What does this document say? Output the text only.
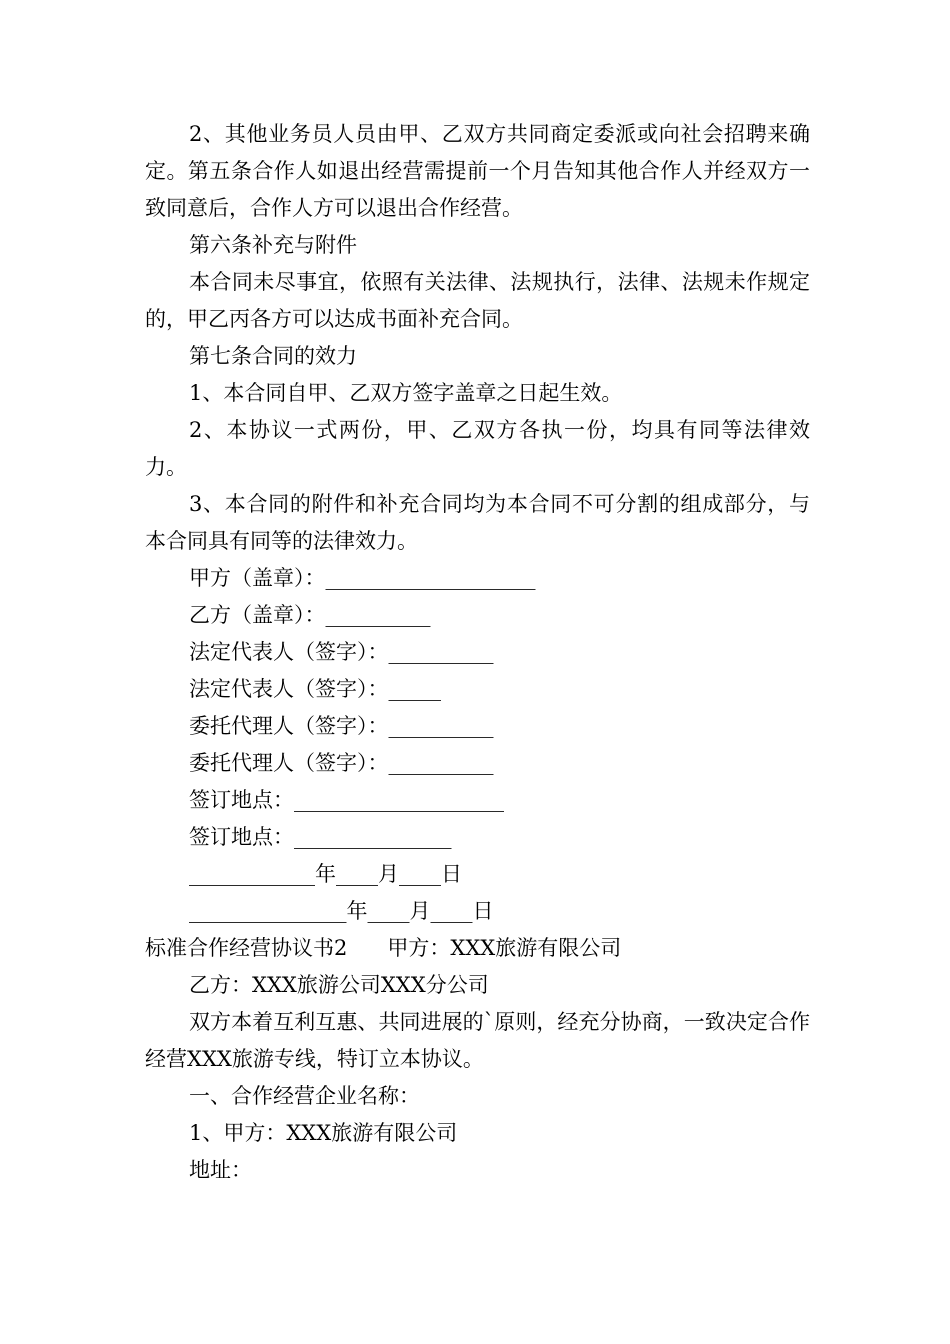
2、其他业务员人员由甲、乙双方共同商定委派或向社会招聘来确定。第五条合作人如退出经营需提前一个月告知其他合作人并经双方一致同意后，合作人方可以退出合作经营。

第六条补充与附件

本合同未尽事宜，依照有关法律、法规执行，法律、法规未作规定的，甲乙丙各方可以达成书面补充合同。

第七条合同的效力

1、本合同自甲、乙双方签字盖章之日起生效。

2、本协议一式两份，甲、乙双方各执一份，均具有同等法律效力。

3、本合同的附件和补充合同均为本合同不可分割的组成部分，与本合同具有同等的法律效力。

甲方（盖章）：____________________

乙方（盖章）：__________

法定代表人（签字）：__________

法定代表人（签字）：_____

委托代理人（签字）：__________

委托代理人（签字）：__________

签订地点：____________________

签订地点：_______________

____________年____月____日

_______________年____月____日

标准合作经营协议书2 甲方：XXX旅游有限公司

乙方：XXX旅游公司XXX分公司

双方本着互利互惠、共同进展的`原则，经充分协商，一致决定合作经营XXX旅游专线，特订立本协议。

一、合作经营企业名称：

1、甲方：XXX旅游有限公司

地址：
